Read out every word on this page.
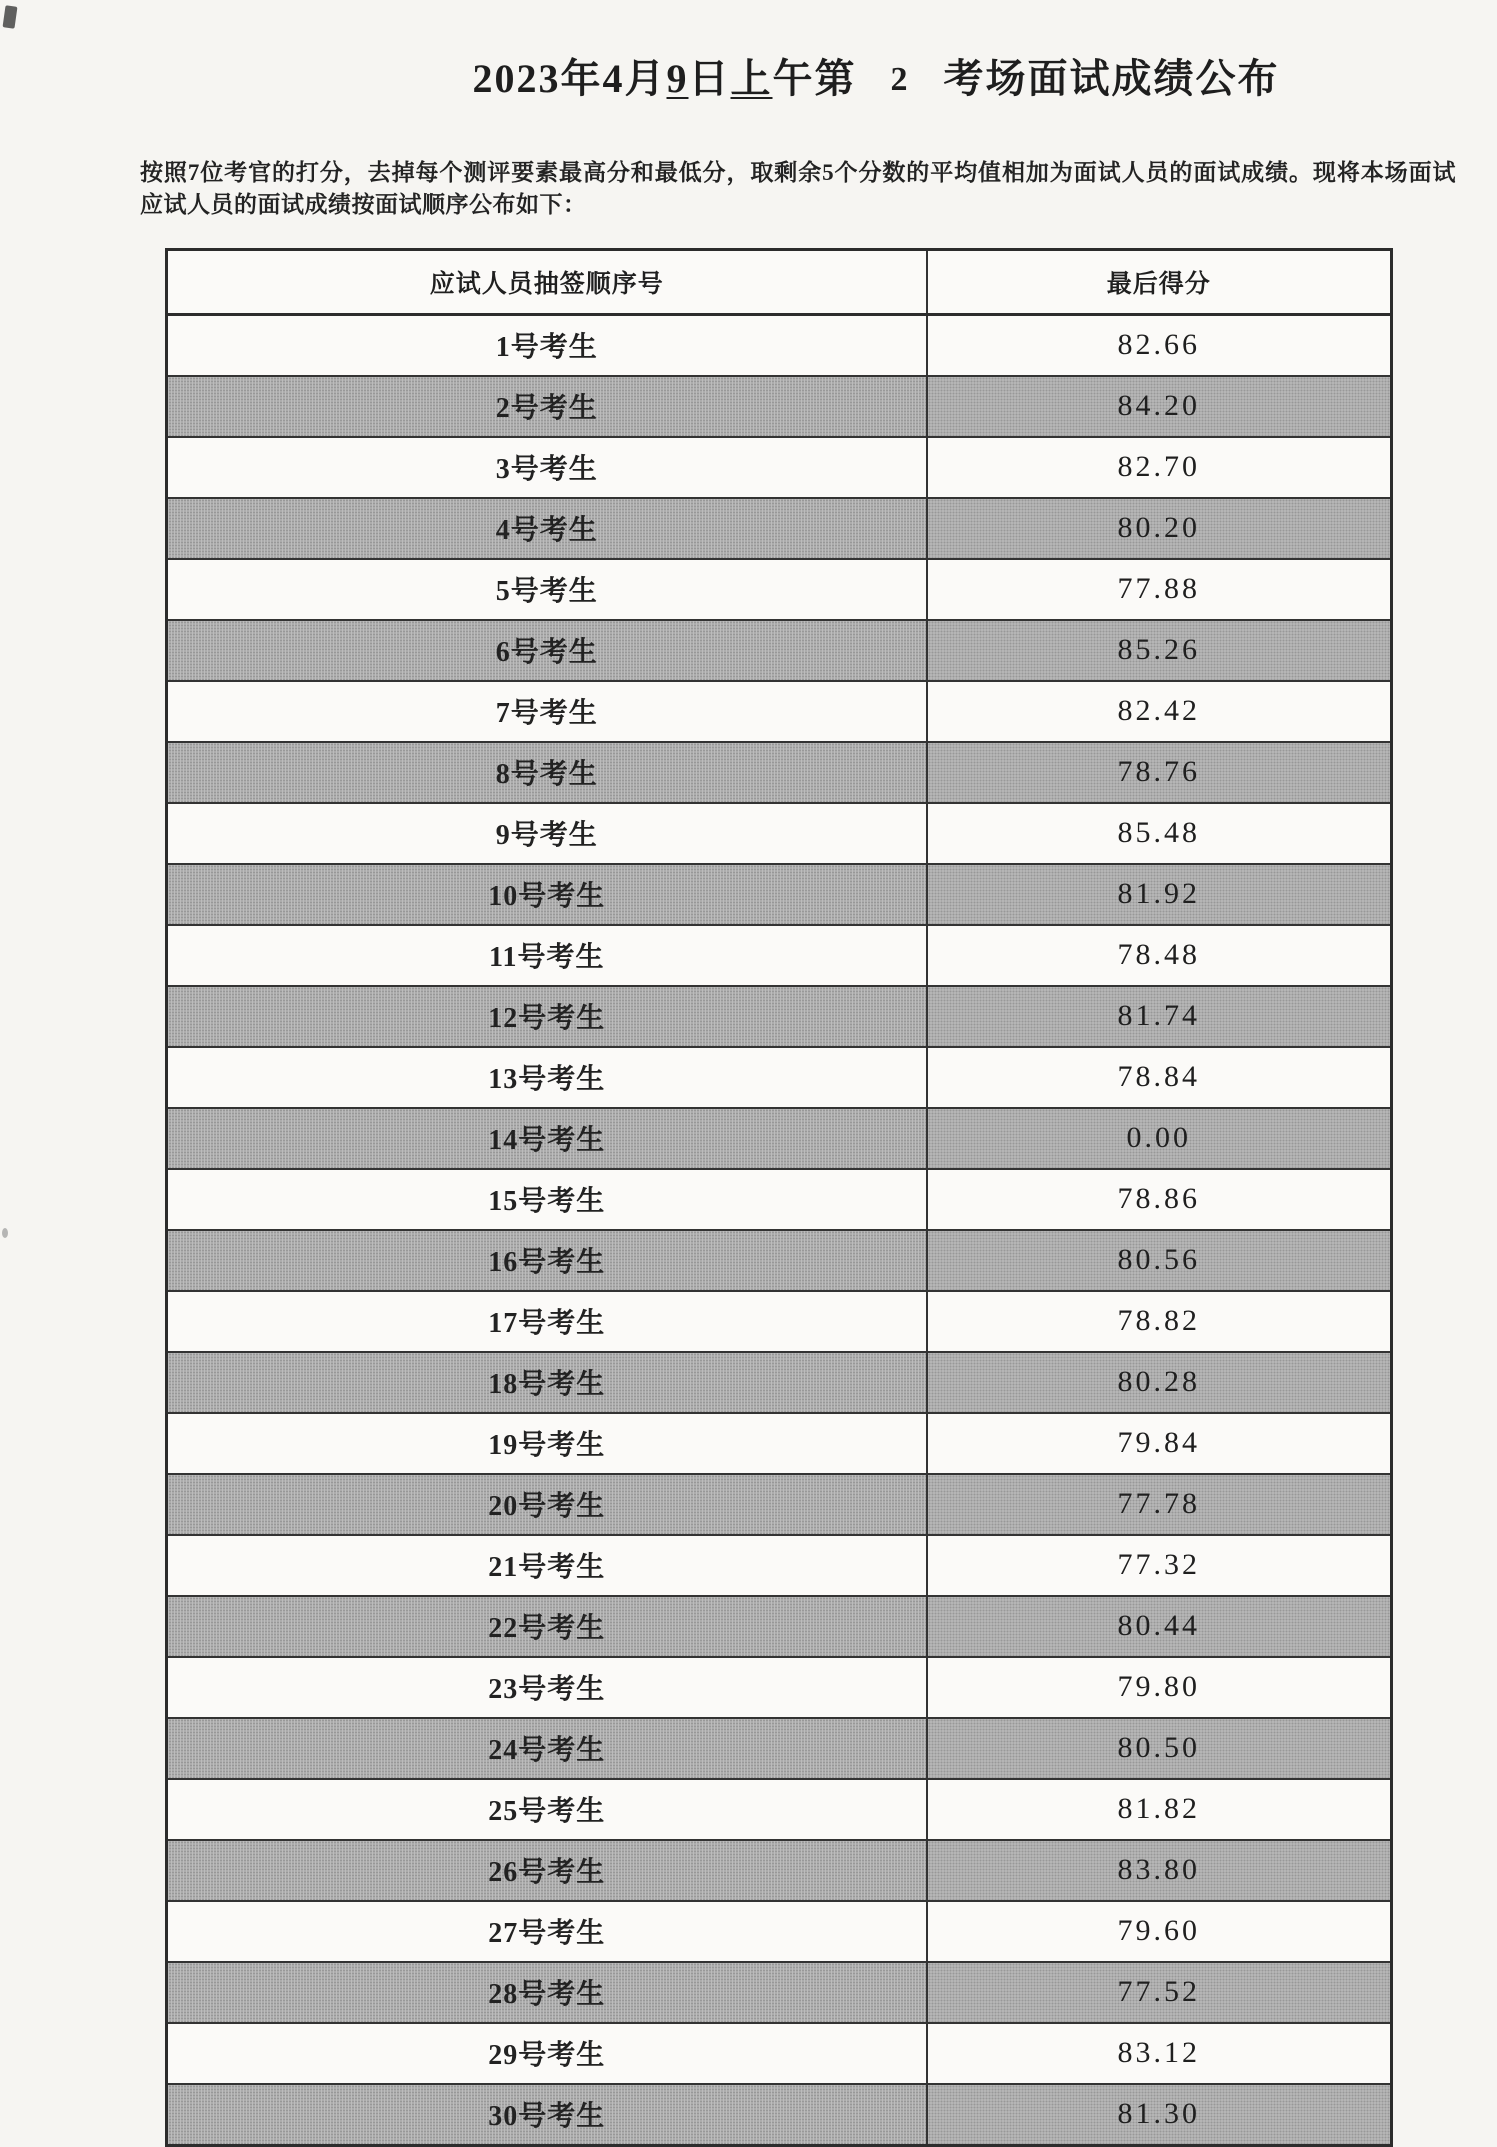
2023年4月9日上午第 2 考场面试成绩公布

按照7位考官的打分，去掉每个测评要素最高分和最低分，取剩余5个分数的平均值相加为面试人员的面试成绩。现将本场面试应试人员的面试成绩按面试顺序公布如下：

应试人员抽签顺序号	最后得分
1号考生	82.66
2号考生	84.20
3号考生	82.70
4号考生	80.20
5号考生	77.88
6号考生	85.26
7号考生	82.42
8号考生	78.76
9号考生	85.48
10号考生	81.92
11号考生	78.48
12号考生	81.74
13号考生	78.84
14号考生	0.00
15号考生	78.86
16号考生	80.56
17号考生	78.82
18号考生	80.28
19号考生	79.84
20号考生	77.78
21号考生	77.32
22号考生	80.44
23号考生	79.80
24号考生	80.50
25号考生	81.82
26号考生	83.80
27号考生	79.60
28号考生	77.52
29号考生	83.12
30号考生	81.30
